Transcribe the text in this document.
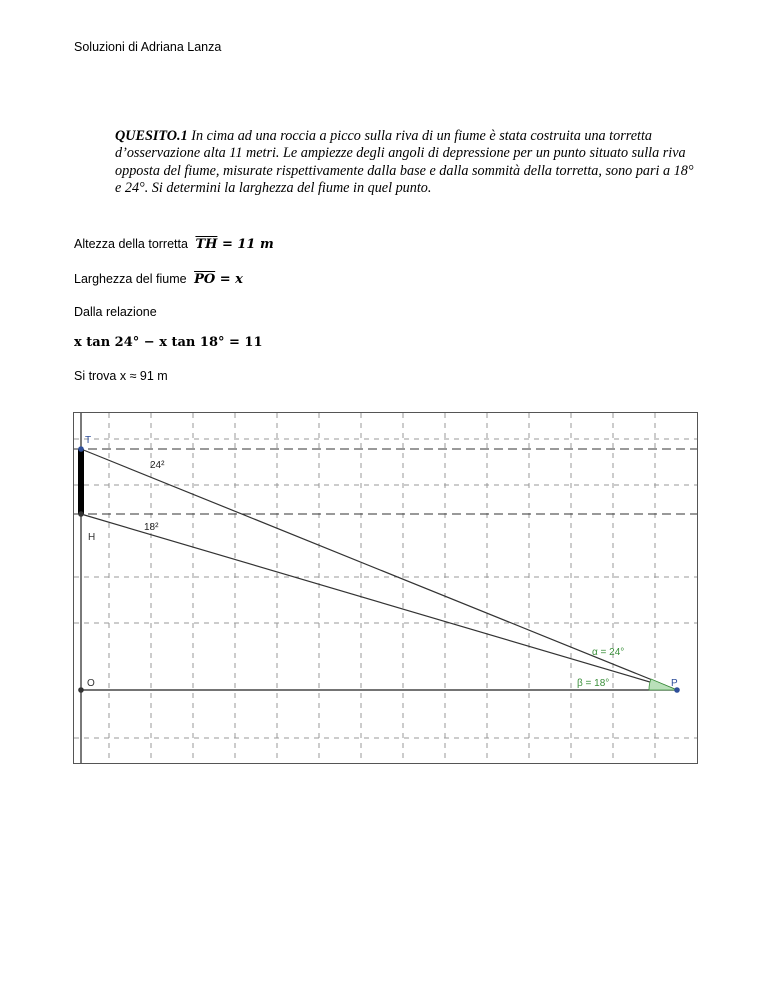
Soluzioni di Adriana Lanza
QUESITO.1 In cima ad una roccia a picco sulla riva di un fiume è stata costruita una torretta d’osservazione alta 11 metri. Le ampiezze degli angoli di depressione per un punto situato sulla riva opposta del fiume, misurate rispettivamente dalla base e dalla sommità della torretta, sono pari a 18° e 24°. Si determini la larghezza del fiume in quel punto.
Altezza della torretta $\overline{TH} = 11$ m
Larghezza del fiume $\overline{PO} = x$
Dalla relazione
x tan 24° − x tan 18° = 11
Si trova x ≈ 91 m
T
H
O	P
24²
18²
α = 24°
β = 18°
